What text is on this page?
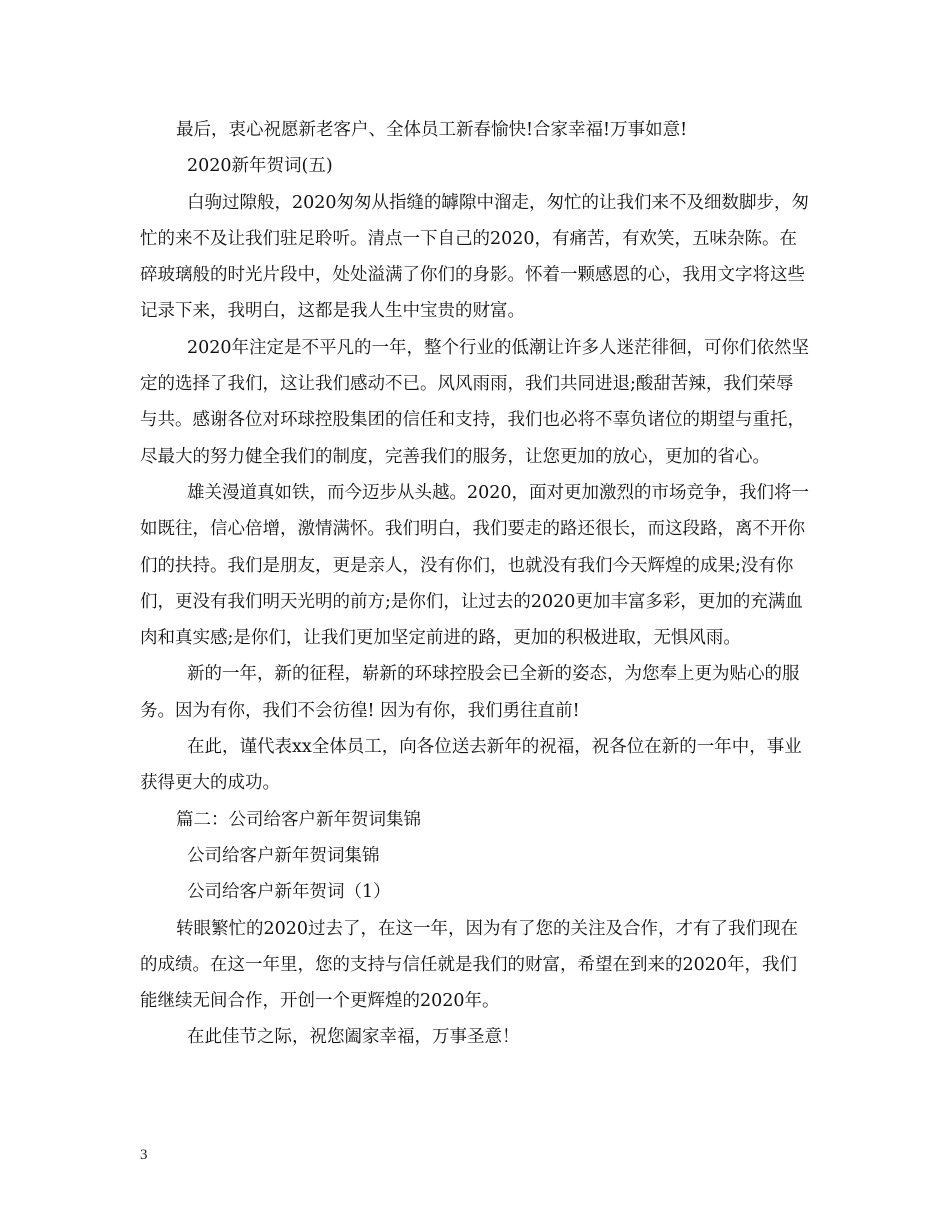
最后，衷心祝愿新老客户、全体员工新春愉快!合家幸福!万事如意!

2020新年贺词(五)

白驹过隙般，2020匆匆从指缝的罅隙中溜走，匆忙的让我们来不及细数脚步，匆忙的来不及让我们驻足聆听。清点一下自己的2020，有痛苦，有欢笑，五味杂陈。在碎玻璃般的时光片段中，处处溢满了你们的身影。怀着一颗感恩的心，我用文字将这些记录下来，我明白，这都是我人生中宝贵的财富。

2020年注定是不平凡的一年，整个行业的低潮让许多人迷茫徘徊，可你们依然坚定的选择了我们，这让我们感动不已。风风雨雨，我们共同进退;酸甜苦辣，我们荣辱与共。感谢各位对环球控股集团的信任和支持，我们也必将不辜负诸位的期望与重托，尽最大的努力健全我们的制度，完善我们的服务，让您更加的放心，更加的省心。

雄关漫道真如铁，而今迈步从头越。2020，面对更加激烈的市场竞争，我们将一如既往，信心倍增，激情满怀。我们明白，我们要走的路还很长，而这段路，离不开你们的扶持。我们是朋友，更是亲人，没有你们，也就没有我们今天辉煌的成果;没有你们，更没有我们明天光明的前方;是你们，让过去的2020更加丰富多彩，更加的充满血肉和真实感;是你们，让我们更加坚定前进的路，更加的积极进取，无惧风雨。

新的一年，新的征程，崭新的环球控股会已全新的姿态，为您奉上更为贴心的服务。因为有你，我们不会彷徨! 因为有你，我们勇往直前!

在此，谨代表xx全体员工，向各位送去新年的祝福，祝各位在新的一年中，事业获得更大的成功。

篇二：公司给客户新年贺词集锦

公司给客户新年贺词集锦

公司给客户新年贺词（1）

转眼繁忙的2020过去了，在这一年，因为有了您的关注及合作，才有了我们现在的成绩。在这一年里，您的支持与信任就是我们的财富，希望在到来的2020年，我们能继续无间合作，开创一个更辉煌的2020年。

在此佳节之际，祝您阖家幸福，万事圣意！

3
